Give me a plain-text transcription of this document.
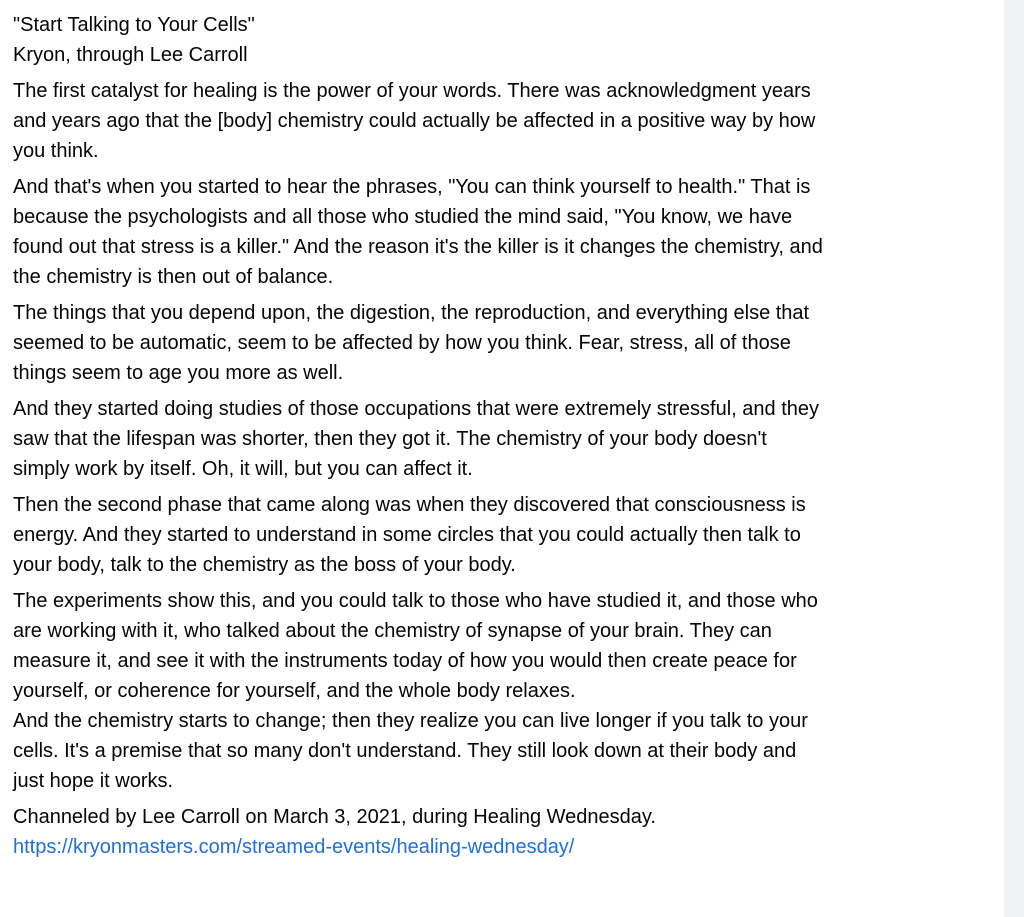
"Start Talking to Your Cells"
Kryon, through Lee Carroll

The first catalyst for healing is the power of your words. There was acknowledgment years
and years ago that the [body] chemistry could actually be affected in a positive way by how
you think.

And that's when you started to hear the phrases, "You can think yourself to health." That is
because the psychologists and all those who studied the mind said, "You know, we have
found out that stress is a killer." And the reason it's the killer is it changes the chemistry, and
the chemistry is then out of balance.

The things that you depend upon, the digestion, the reproduction, and everything else that
seemed to be automatic, seem to be affected by how you think. Fear, stress, all of those
things seem to age you more as well.

And they started doing studies of those occupations that were extremely stressful, and they
saw that the lifespan was shorter, then they got it. The chemistry of your body doesn't
simply work by itself. Oh, it will, but you can affect it.

Then the second phase that came along was when they discovered that consciousness is
energy. And they started to understand in some circles that you could actually then talk to
your body, talk to the chemistry as the boss of your body.

The experiments show this, and you could talk to those who have studied it, and those who
are working with it, who talked about the chemistry of synapse of your brain. They can
measure it, and see it with the instruments today of how you would then create peace for
yourself, or coherence for yourself, and the whole body relaxes.

And the chemistry starts to change; then they realize you can live longer if you talk to your
cells. It's a premise that so many don't understand. They still look down at their body and
just hope it works.

Channeled by Lee Carroll on March 3, 2021, during Healing Wednesday.
https://kryonmasters.com/streamed-events/healing-wednesday/
